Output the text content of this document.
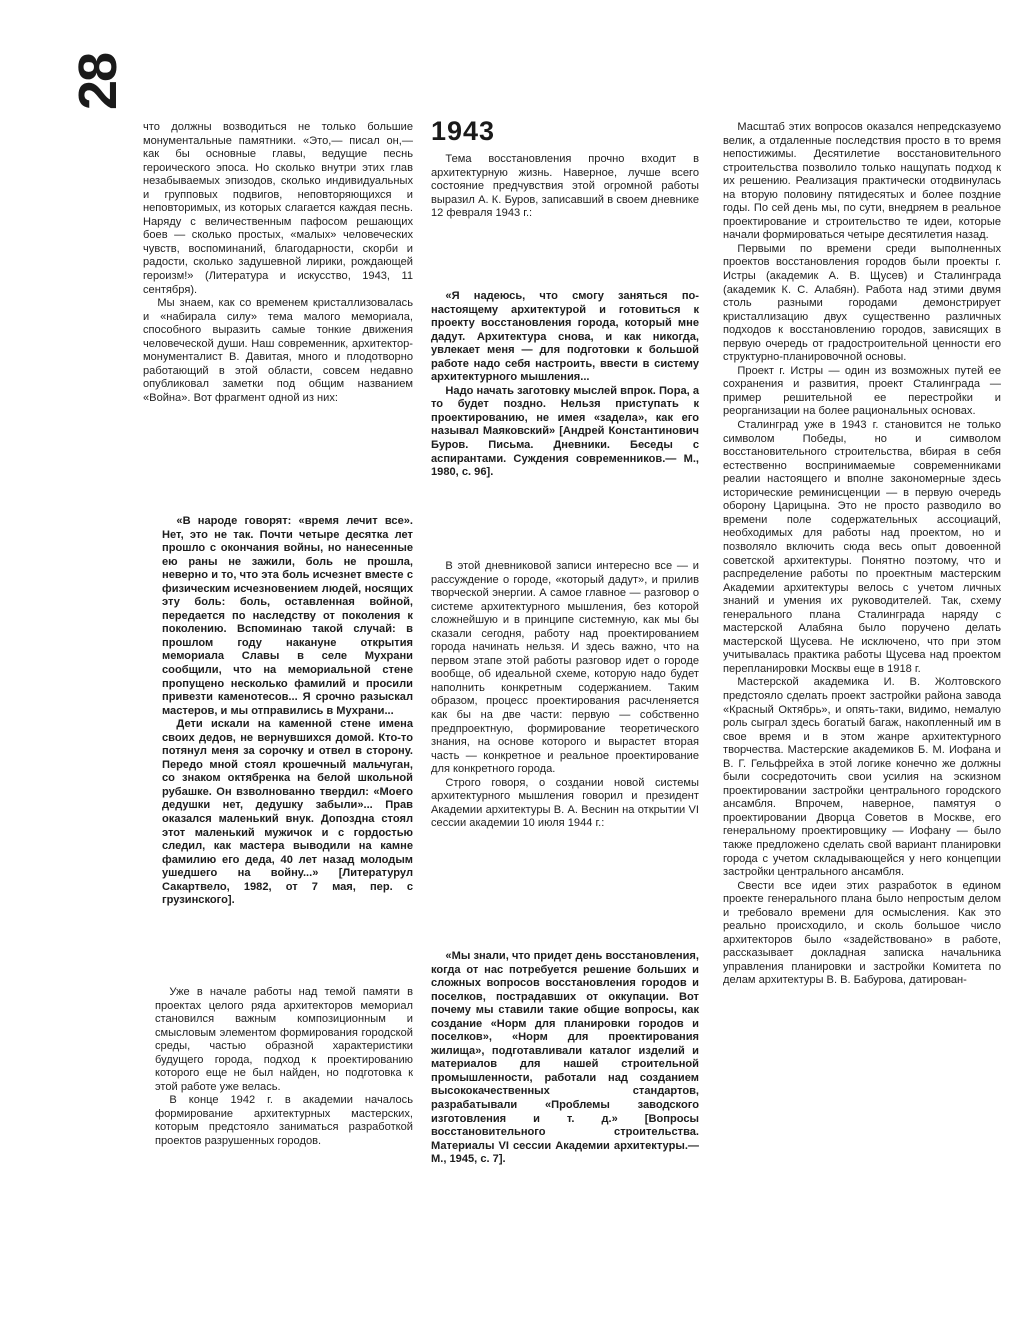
28
1943

что должны возводиться не только большие монументальные памятники. «Это,— писал он,— как бы основные главы, ведущие песнь героического эпоса. Но сколько внутри этих глав незабываемых эпизодов, сколько индивидуальных и групповых подвигов, неповторяющихся и неповторимых, из которых слагается каждая песнь. Наряду с величественным пафосом решающих боев — сколько простых, «малых» человеческих чувств, воспоминаний, благодарности, скорби и радости, сколько задушевной лирики, рождающей героизм!» (Литература и искусство, 1943, 11 сентября).

Мы знаем, как со временем кристаллизовалась и «набирала силу» тема малого мемориала, способного выразить самые тонкие движения человеческой души. Наш современник, архитектор-монументалист В. Давитая, много и плодотворно работающий в этой области, совсем недавно опубликовал заметки под общим названием «Война». Вот фрагмент одной из них:

«В народе говорят: «время лечит все». Нет, это не так. Почти четыре десятка лет прошло с окончания войны, но нанесенные ею раны не зажили, боль не прошла, неверно и то, что эта боль исчезнет вместе с физическим исчезновением людей, носящих эту боль: боль, оставленная войной, передается по наследству от поколения к поколению. Вспоминаю такой случай: в прошлом году накануне открытия мемориала Славы в селе Мухрани сообщили, что на мемориальной стене пропущено несколько фамилий и просили привезти каменотесов... Я срочно разыскал мастеров, и мы отправились в Мухрани...

Дети искали на каменной стене имена своих дедов, не вернувшихся домой. Кто-то потянул меня за сорочку и отвел в сторону. Передо мной стоял крошечный мальчуган, со знаком октябренка на белой школьной рубашке. Он взволнованно твердил: «Моего дедушки нет, дедушку забыли»... Прав оказался маленький внук. Допоздна стоял этот маленький мужичок и с гордостью следил, как мастера выводили на камне фамилию его деда, 40 лет назад молодым ушедшего на войну...» [Литературул Сакартвело, 1982, от 7 мая, пер. с грузинского].

Уже в начале работы над темой памяти в проектах целого ряда архитекторов мемориал становился важным композиционным и смысловым элементом формирования городской среды, частью образной характеристики будущего города, подход к проектированию которого еще не был найден, но подготовка к этой работе уже велась.

В конце 1942 г. в академии началось формирование архитектурных мастерских, которым предстояло заниматься разработкой проектов разрушенных городов.

Тема восстановления прочно входит в архитектурную жизнь. Наверное, лучше всего состояние предчувствия этой огромной работы выразил А. К. Буров, записавший в своем дневнике 12 февраля 1943 г.:

«Я надеюсь, что смогу заняться по-настоящему архитектурой и готовиться к проекту восстановления города, который мне дадут. Архитектура снова, и как никогда, увлекает меня — для подготовки к большой работе надо себя настроить, ввести в систему архитектурного мышления...

Надо начать заготовку мыслей впрок. Пора, а то будет поздно. Нельзя приступать к проектированию, не имея «задела», как его называл Маяковский» [Андрей Константинович Буров. Письма. Дневники. Беседы с аспирантами. Суждения современников.— М., 1980, с. 96].

В этой дневниковой записи интересно все — и рассуждение о городе, «который дадут», и прилив творческой энергии. А самое главное — разговор о системе архитектурного мышления, без которой сложнейшую и в принципе системную, как мы бы сказали сегодня, работу над проектированием города начинать нельзя. И здесь важно, что на первом этапе этой работы разговор идет о городе вообще, об идеальной схеме, которую надо будет наполнить конкретным содержанием. Таким образом, процесс проектирования расчленяется как бы на две части: первую — собственно предпроектную, формирование теоретического знания, на основе которого и вырастет вторая часть — конкретное и реальное проектирование для конкретного города.

Строго говоря, о создании новой системы архитектурного мышления говорил и президент Академии архитектуры В. А. Веснин на открытии VI сессии академии 10 июля 1944 г.:

«Мы знали, что придет день восстановления, когда от нас потребуется решение больших и сложных вопросов восстановления городов и поселков, пострадавших от оккупации. Вот почему мы ставили такие общие вопросы, как создание «Норм для планировки городов и поселков», «Норм для проектирования жилища», подготавливали каталог изделий и материалов для нашей строительной промышленности, работали над созданием высококачественных стандартов, разрабатывали «Проблемы заводского изготовления и т. д.» [Вопросы восстановительного строительства. Материалы VI сессии Академии архитектуры.— М., 1945, с. 7].

Масштаб этих вопросов оказался непредсказуемо велик, а отдаленные последствия просто в то время непостижимы. Десятилетие восстановительного строительства позволило только нащупать подход к их решению. Реализация практически отодвинулась на вторую половину пятидесятых и более поздние годы. По сей день мы, по сути, внедряем в реальное проектирование и строительство те идеи, которые начали формироваться четыре десятилетия назад.

Первыми по времени среди выполненных проектов восстановления городов были проекты г. Истры (академик А. В. Щусев) и Сталинграда (академик К. С. Алабян). Работа над этими двумя столь разными городами демонстрирует кристаллизацию двух существенно различных подходов к восстановлению городов, зависящих в первую очередь от градостроительной ценности его структурно-планировочной основы.

Проект г. Истры — один из возможных путей ее сохранения и развития, проект Сталинграда — пример решительной ее перестройки и реорганизации на более рациональных основах.

Сталинград уже в 1943 г. становится не только символом Победы, но и символом восстановительного строительства, вбирая в себя естественно воспринимаемые современниками реалии настоящего и вполне закономерные здесь исторические реминисценции — в первую очередь оборону Царицына. Это не просто разводило во времени поле содержательных ассоциаций, необходимых для работы над проектом, но и позволяло включить сюда весь опыт довоенной советской архитектуры. Понятно поэтому, что и распределение работы по проектным мастерским Академии архитектуры велось с учетом личных знаний и умения их руководителей. Так, схему генерального плана Сталинграда наряду с мастерской Алабяна было поручено делать мастерской Щусева. Не исключено, что при этом учитывалась практика работы Щусева над проектом перепланировки Москвы еще в 1918 г.

Мастерской академика И. В. Жолтовского предстояло сделать проект застройки района завода «Красный Октябрь», и опять-таки, видимо, немалую роль сыграл здесь богатый багаж, накопленный им в свое время и в этом жанре архитектурного творчества. Мастерские академиков Б. М. Иофана и В. Г. Гельфрейха в этой логике конечно же должны были сосредоточить свои усилия на эскизном проектировании застройки центрального городского ансамбля. Впрочем, наверное, памятуя о проектировании Дворца Советов в Москве, его генеральному проектировщику — Иофану — было также предложено сделать свой вариант планировки города с учетом складывающейся у него концепции застройки центрального ансамбля.

Свести все идеи этих разработок в едином проекте генерального плана было непростым делом и требовало времени для осмысления. Как это реально происходило, и сколь большое число архитекторов было «задействовано» в работе, рассказывает докладная записка начальника управления планировки и застройки Комитета по делам архитектуры В. В. Бабурова, датирован-
